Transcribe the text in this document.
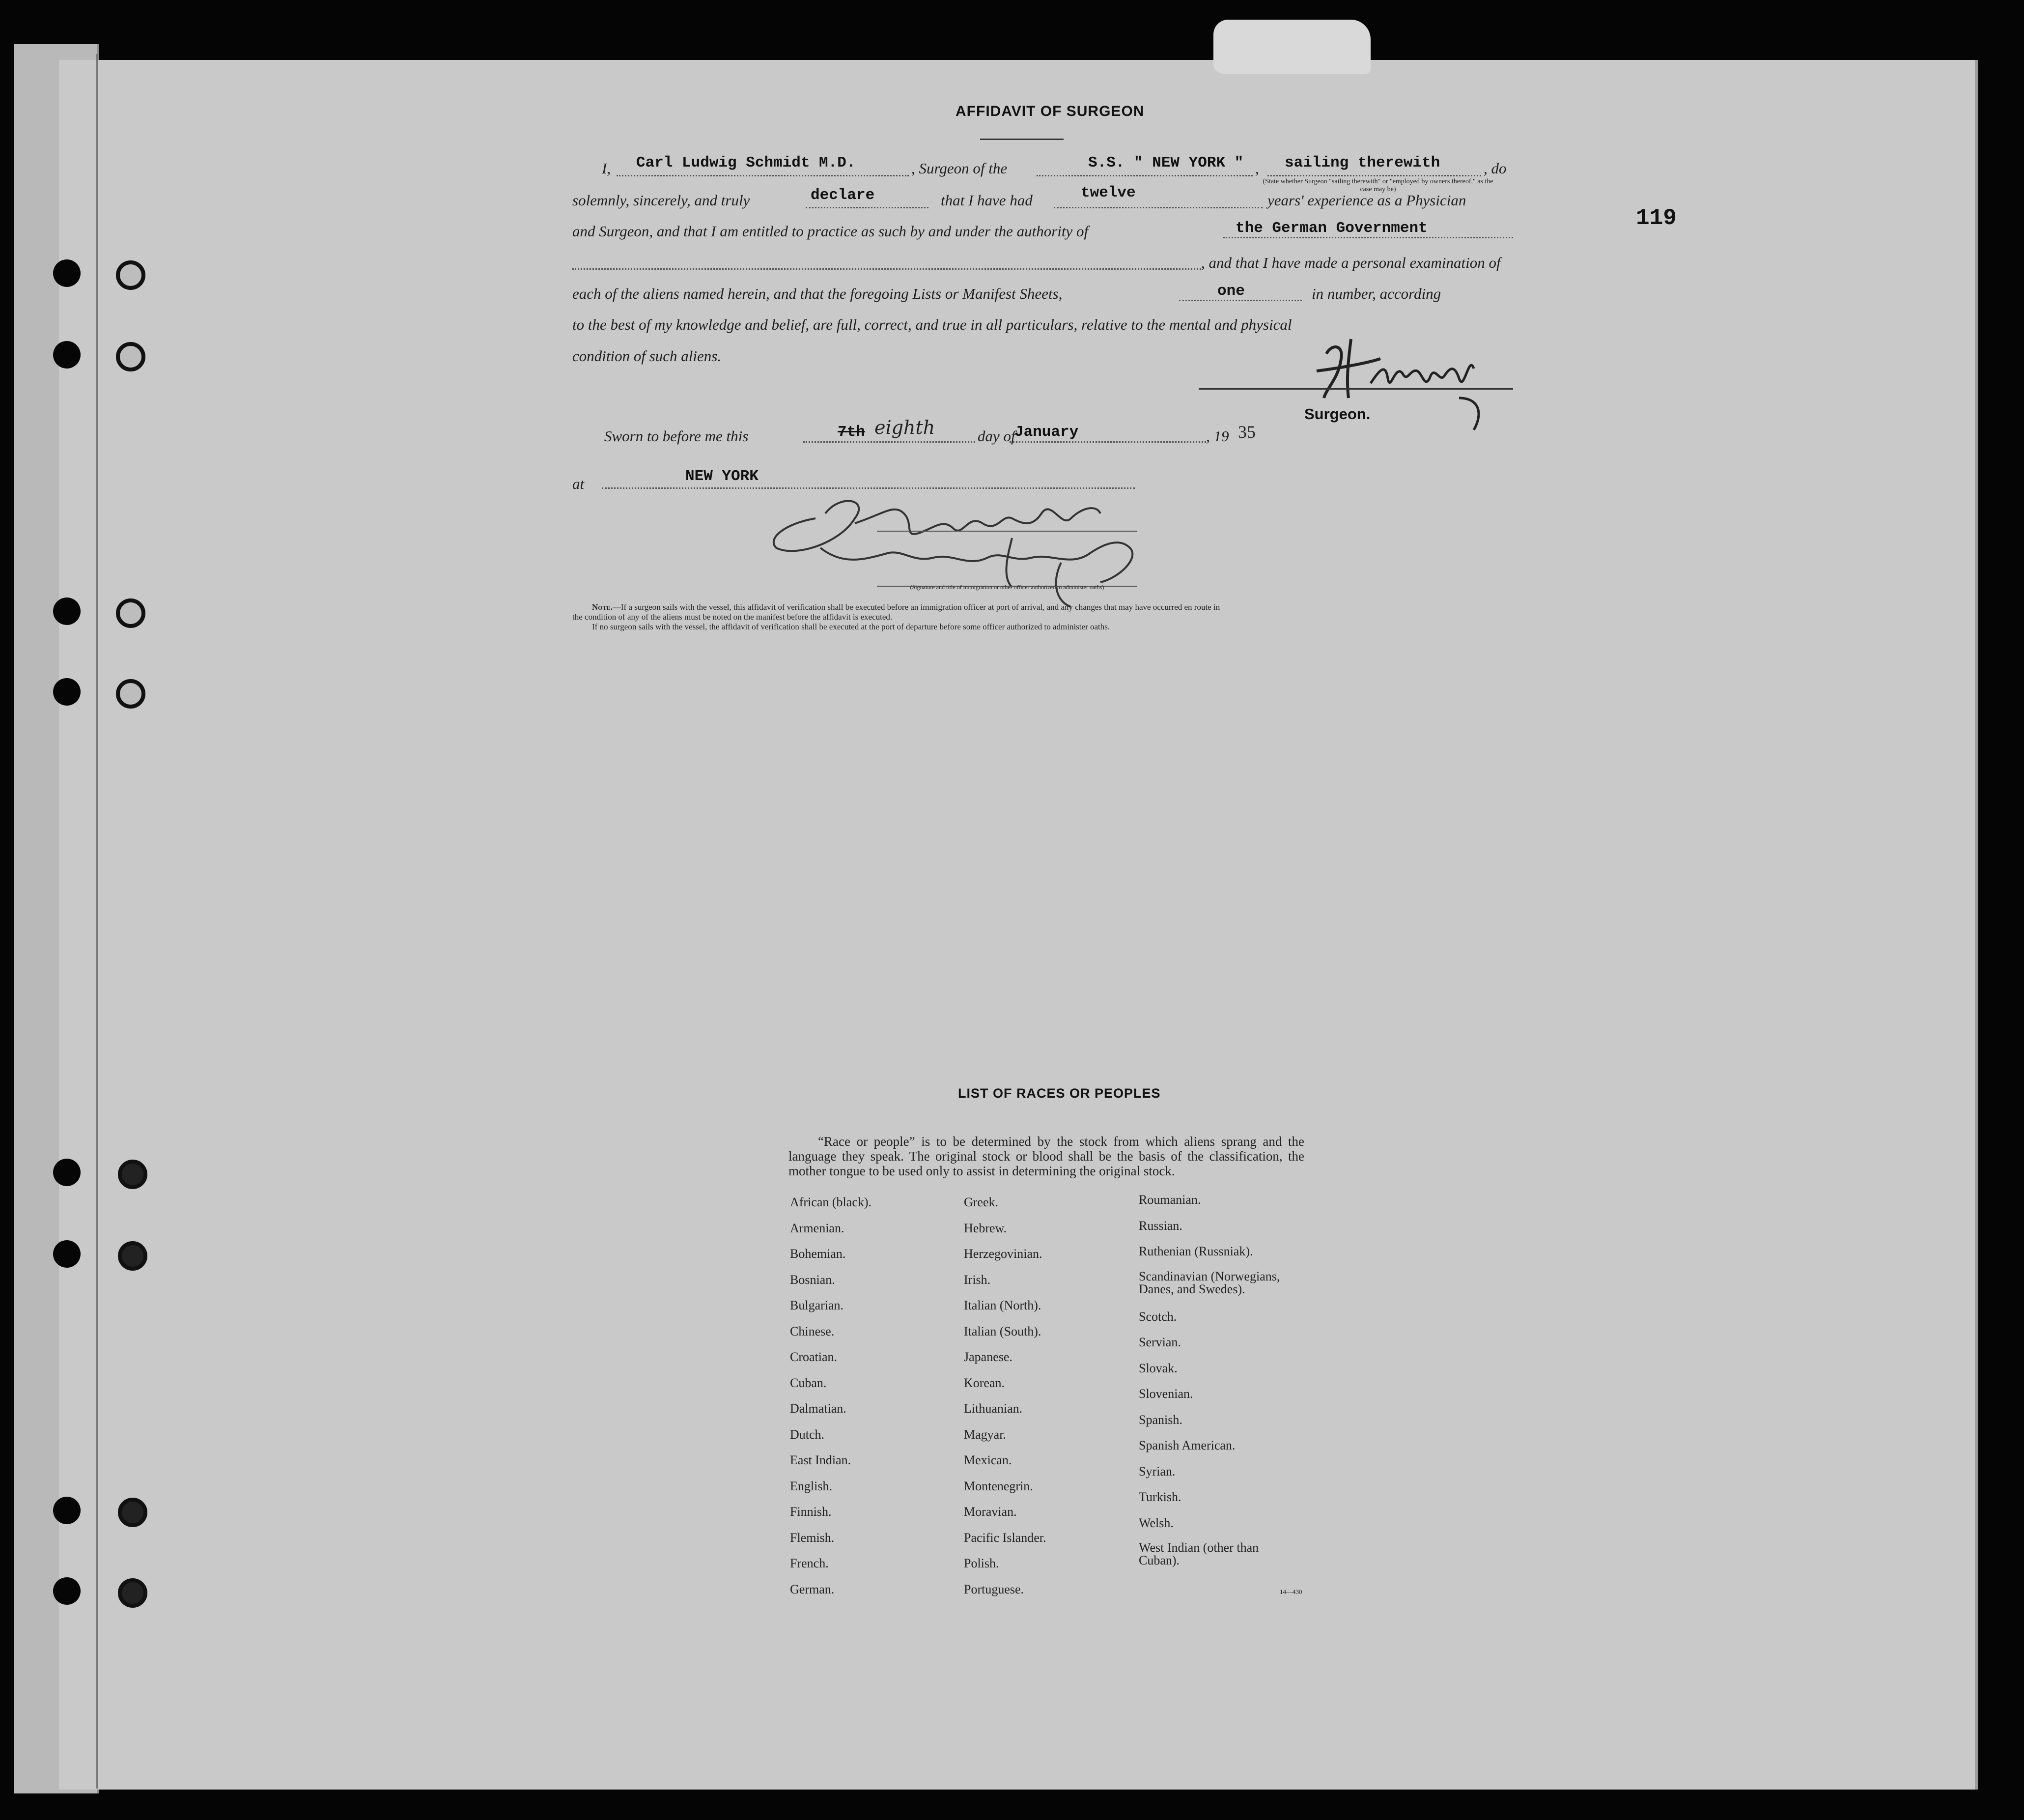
119
AFFIDAVIT OF SURGEON
I, Carl Ludwig Schmidt M.D.	, Surgeon of the	S.S. " NEW YORK " , sailing therewith	, do
(State whether Surgeon "sailing therewith" or "employed by owners thereof," as the case may be)
solemnly, sincerely, and truly	declare	that I have had	twelve	years' experience as a Physician
and Surgeon, and that I am entitled to practice as such by and under the authority of	the German Government
, and that I have made a personal examination of
each of the aliens named herein, and that the foregoing Lists or Manifest Sheets,	one	in number, according
to the best of my knowledge and belief, are full, correct, and true in all particulars, relative to the mental and physical
condition of such aliens.
Surgeon.
Sworn to before me this	7th eighth	day of
January	, 19 35
at	NEW YORK
(Signature and title of immigration or other officer authorized to administer oaths)
Note.—If a surgeon sails with the vessel, this affidavit of verification shall be executed before an immigration officer at port of arrival, and any changes that may have occurred en route in
the condition of any of the aliens must be noted on the manifest before the affidavit is executed.
If no surgeon sails with the vessel, the affidavit of verification shall be executed at the port of departure before some officer authorized to administer oaths.
LIST OF RACES OR PEOPLES
“Race or people” is to be determined by the stock from which aliens sprang and the language they speak. The original stock or blood shall be the basis of the classification, the mother tongue to be used only to assist in determining the original stock.
African (black).
Armenian.
Bohemian.
Bosnian.
Bulgarian.
Chinese.
Croatian.
Cuban.
Dalmatian.
Dutch.
East Indian.
English.
Finnish.
Flemish.
French.
German.
Greek.
Hebrew.
Herzegovinian.
Irish.
Italian (North).
Italian (South).
Japanese.
Korean.
Lithuanian.
Magyar.
Mexican.
Montenegrin.
Moravian.
Pacific Islander.
Polish.
Portuguese.
Roumanian.
Russian.
Ruthenian (Russniak).
Scandinavian (Norwegians, Danes, and Swedes).
Scotch.
Servian.
Slovak.
Slovenian.
Spanish.
Spanish American.
Syrian.
Turkish.
Welsh.
West Indian (other than Cuban).
14—430
